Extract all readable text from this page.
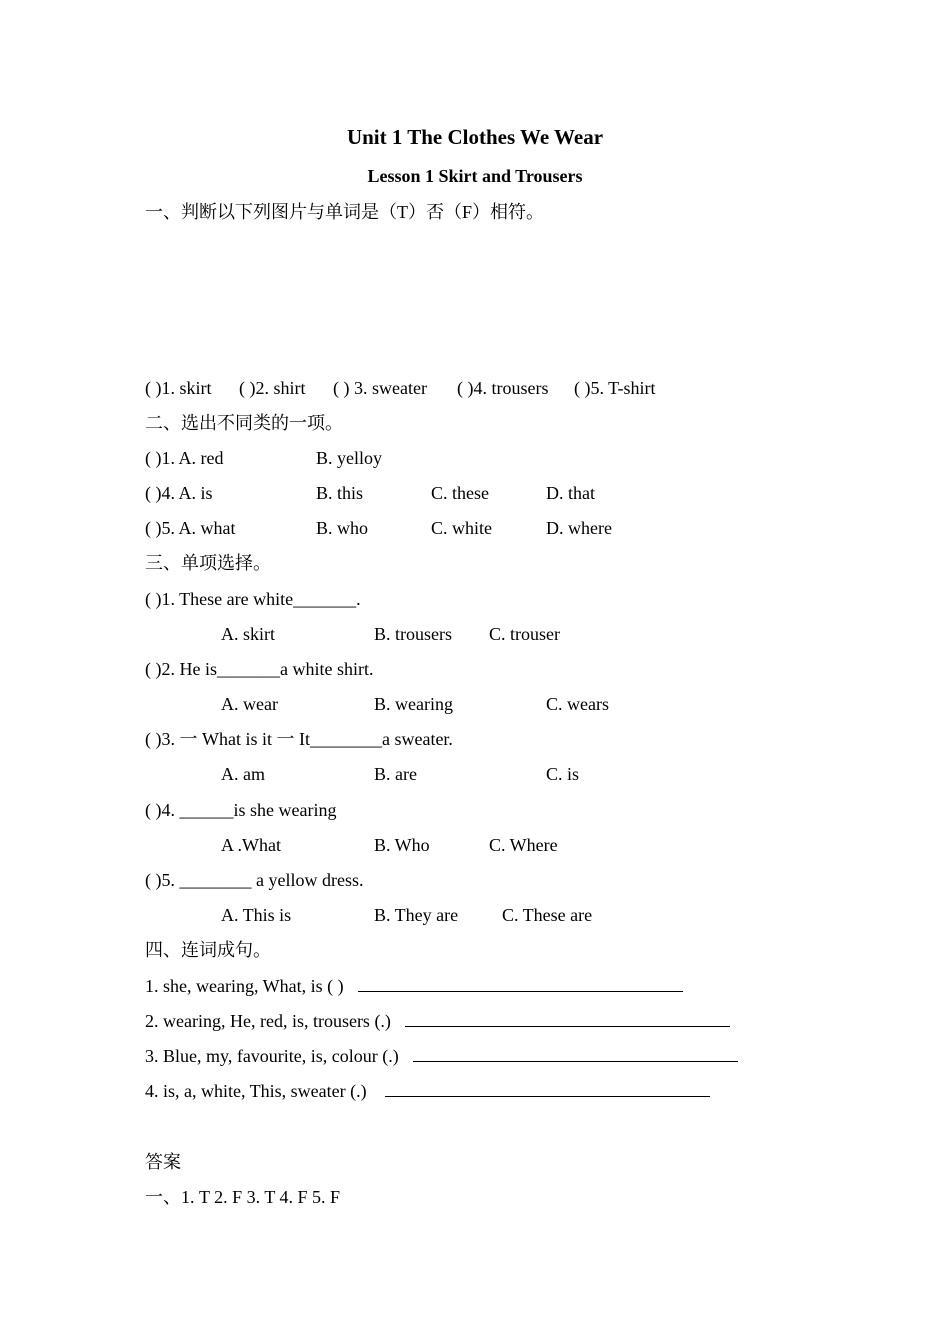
Unit 1 The Clothes We Wear
Lesson 1 Skirt and Trousers
一、判断以下列图片与单词是（T）否（F）相符。
( )1. skirt ( )2. shirt ( ) 3. sweater ( )4. trousers ( )5. T-shirt
二、选出不同类的一项。
( )1. A. red	B. yelloy
( )4. A. is	B. this	C. these	D. that
( )5. A. what	B. who	C. white	D. where
三、单项选择。
( )1. These are white_______.
A. skirt	B. trousers C. trouser
( )2. He is_______a white shirt.
A. wear	B. wearing	C. wears
( )3. 一 What is it 一 It________a sweater.
A. am	B. are	C. is
( )4. ______is she wearing
A .What	B. Who	C. Where
( )5. ________ a yellow dress.
A. This is	B. They are C. These are
四、连词成句。
1. she, wearing, What, is ( )
2. wearing, He, red, is, trousers (.)
3. Blue, my, favourite, is, colour (.)
4. is, a, white, This, sweater (.)
答案
一、1. T 2. F 3. T 4. F 5. F
